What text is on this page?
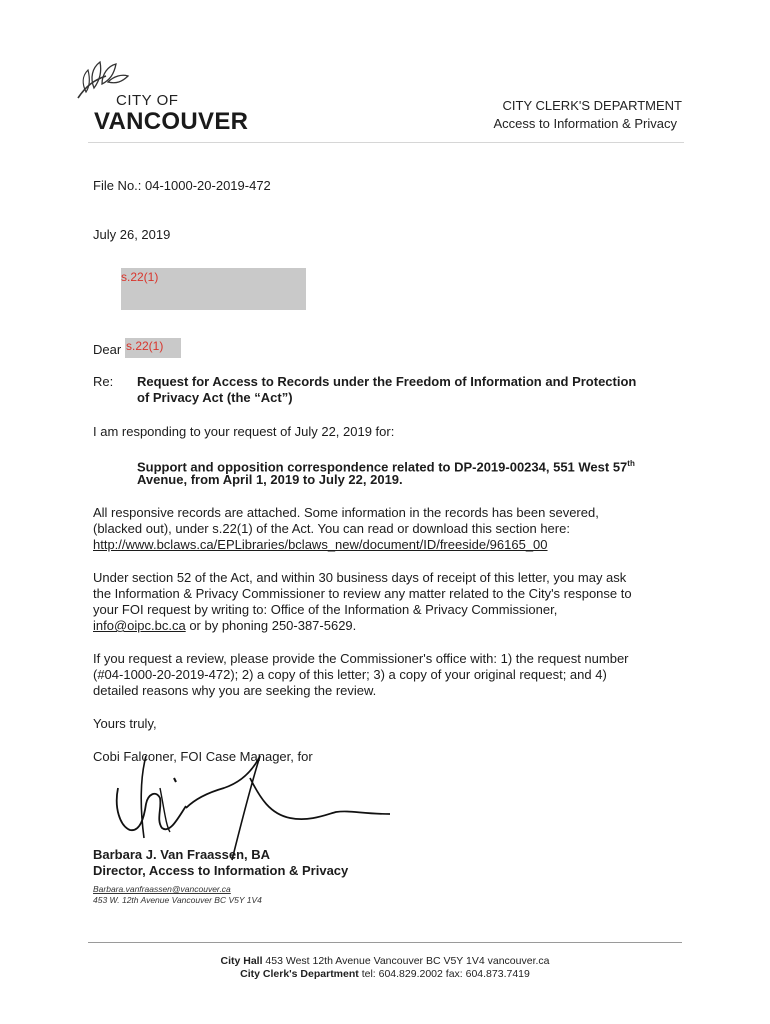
CITY OF
VANCOUVER
CITY CLERK'S DEPARTMENT
Access to Information & Privacy

File No.: 04-1000-20-2019-472

July 26, 2019

s.22(1)

Dear s.22(1)

Re: Request for Access to Records under the Freedom of Information and Protection

of Privacy Act (the “Act”)

I am responding to your request of July 22, 2019 for:

Support and opposition correspondence related to DP-2019-00234, 551 West 57th

Avenue, from April 1, 2019 to July 22, 2019.

All responsive records are attached. Some information in the records has been severed,

(blacked out), under s.22(1) of the Act. You can read or download this section here:

http://www.bclaws.ca/EPLibraries/bclaws_new/document/ID/freeside/96165_00

Under section 52 of the Act, and within 30 business days of receipt of this letter, you may ask

the Information & Privacy Commissioner to review any matter related to the City's response to

your FOI request by writing to: Office of the Information & Privacy Commissioner,

info@oipc.bc.ca or by phoning 250-387-5629.

If you request a review, please provide the Commissioner's office with: 1) the request number

(#04-1000-20-2019-472); 2) a copy of this letter; 3) a copy of your original request; and 4)

detailed reasons why you are seeking the review.

Yours truly,

Cobi Falconer, FOI Case Manager, for

Barbara J. Van Fraassen, BA

Director, Access to Information & Privacy

Barbara.vanfraassen@vancouver.ca

453 W. 12th Avenue Vancouver BC V5Y 1V4

City Hall 453 West 12th Avenue Vancouver BC V5Y 1V4 vancouver.ca
City Clerk's Department tel: 604.829.2002 fax: 604.873.7419
